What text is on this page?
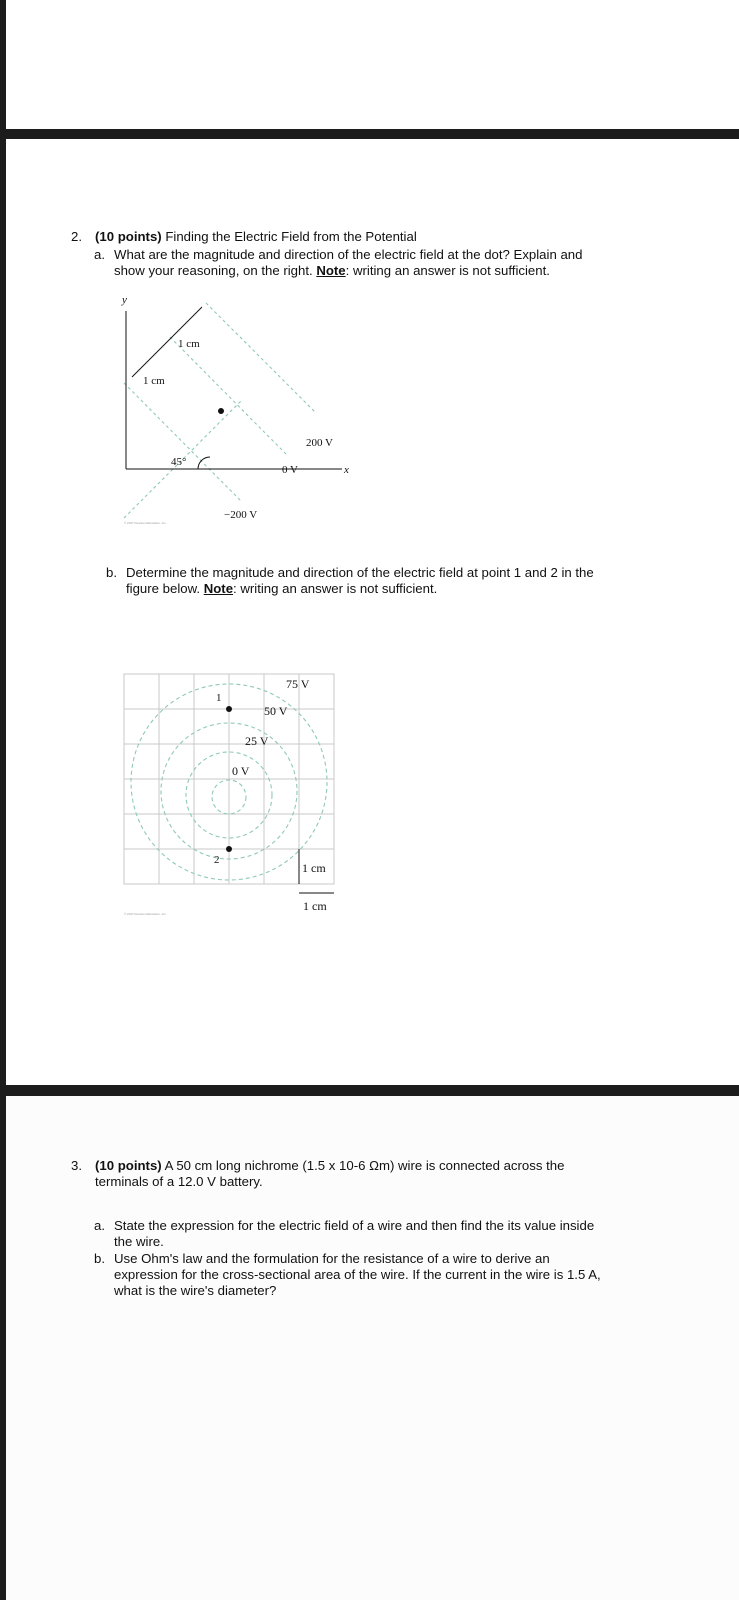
2. (10 points) Finding the Electric Field from the Potential
a. What are the magnitude and direction of the electric field at the dot? Explain and
show your reasoning, on the right. Note: writing an answer is not sufficient.
y
x
1 cm
1 cm
45°
200 V
0 V
−200 V
© 2017 Pearson Education, Inc.
b. Determine the magnitude and direction of the electric field at point 1 and 2 in the
figure below. Note: writing an answer is not sufficient.
75 V
50 V
25 V
0 V
1
2
1 cm
1 cm
© 2017 Pearson Education, Inc.
3. (10 points) A 50 cm long nichrome (1.5 x 10-6 Ωm) wire is connected across the
terminals of a 12.0 V battery.
a. State the expression for the electric field of a wire and then find the its value inside
the wire.
b. Use Ohm's law and the formulation for the resistance of a wire to derive an
expression for the cross-sectional area of the wire. If the current in the wire is 1.5 A,
what is the wire's diameter?
